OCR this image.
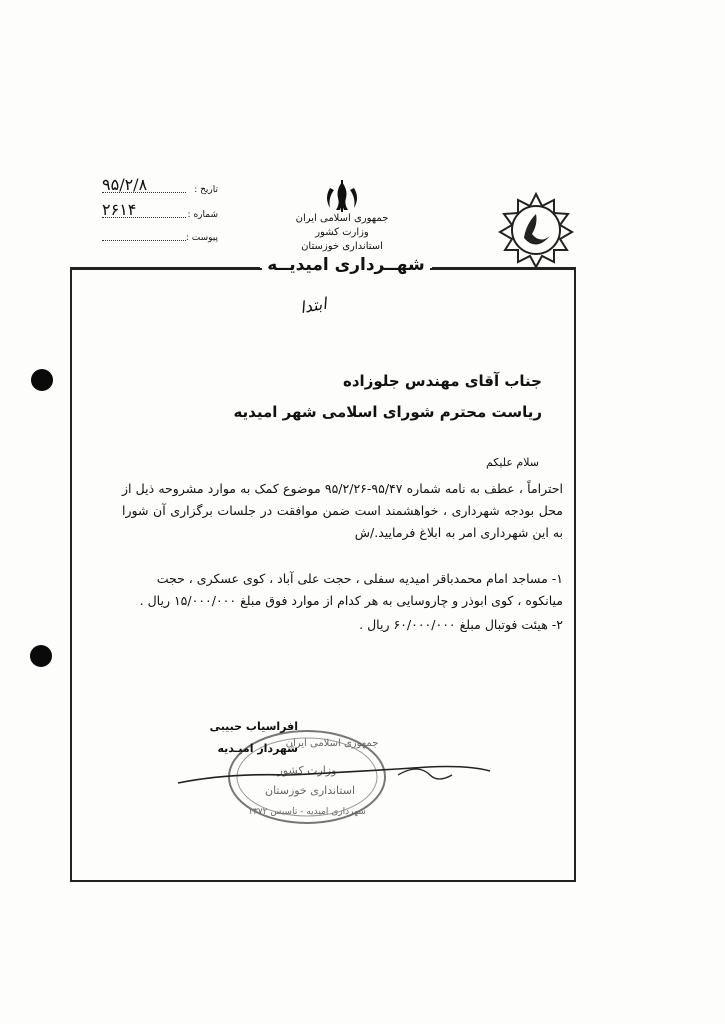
جمهوری اسلامی ایران
وزارت کشور
استانداری خوزستان
تاریخ :
۹۵/۲/۸
شماره :
۲۶۱۴
پیوست :
شهــرداری امیدیــه
ابتدا
جناب آقای مهندس جلوزاده
ریاست محترم شورای اسلامی شهر امیدیه
سلام علیکم
احتراماً ، عطف به نامه شماره ۹۵/۴۷-۹۵/۲/۲۶ موضوع کمک به موارد مشروحه ذیل از محل بودجه شهرداری ، خواهشمند است ضمن موافقت در جلسات برگزاری آن شورا به این شهرداری امر به ابلاغ فرمایید./ش
۱- مساجد امام محمدباقر امیدیه سفلی ، حجت علی آباد ، کوی عسکری ، حجت میانکوه ، کوی ابوذر و چاروسایی به هر کدام از موارد فوق مبلغ ۱۵/۰۰۰/۰۰۰ ریال .
۲- هیئت فوتبال مبلغ ۶۰/۰۰۰/۰۰۰ ریال .
جمهوری اسلامی ایران
وزارت کشور
استانداری خوزستان
شهرداری امیدیه - تاسیس ۱۳۷۲
افراسیاب حبیبی
شهردار امیـدیه
